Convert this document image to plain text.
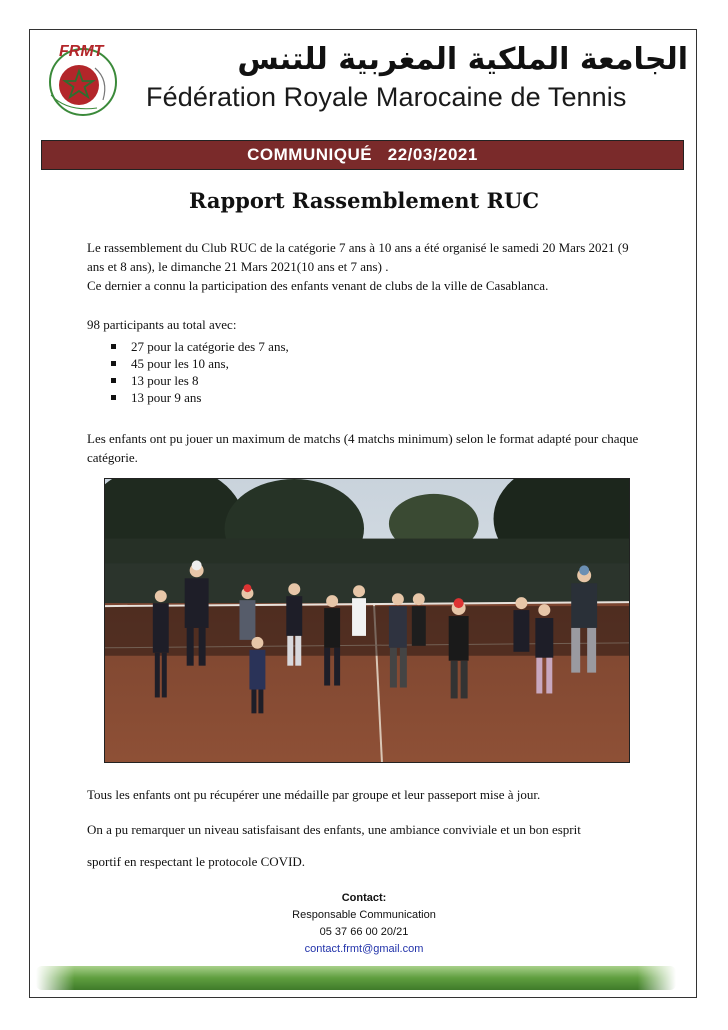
FRMT	الجامعة الملكية المغربية للتنس
Fédération Royale Marocaine de Tennis
COMMUNIQUÉ   22/03/2021
Rapport Rassemblement RUC
Le rassemblement du Club RUC de la catégorie 7 ans à 10 ans a été organisé le samedi 20 Mars 2021 (9 ans et 8 ans), le dimanche 21 Mars 2021(10 ans et 7 ans) .
Ce dernier a connu la participation des enfants venant de clubs de la ville de Casablanca.
98 participants au total avec:
27 pour la catégorie des 7 ans,
45 pour les 10 ans,
13 pour les 8
13 pour 9 ans
Les enfants ont pu jouer un maximum de matchs (4 matchs minimum) selon le format adapté pour chaque catégorie.
Tous les enfants ont pu récupérer une médaille par groupe et leur passeport mise à jour.
On a pu remarquer un niveau satisfaisant des enfants, une ambiance conviviale et un bon esprit
sportif en respectant le protocole COVID.
Contact:
Responsable Communication
05 37 66 00 20/21
contact.frmt@gmail.com
